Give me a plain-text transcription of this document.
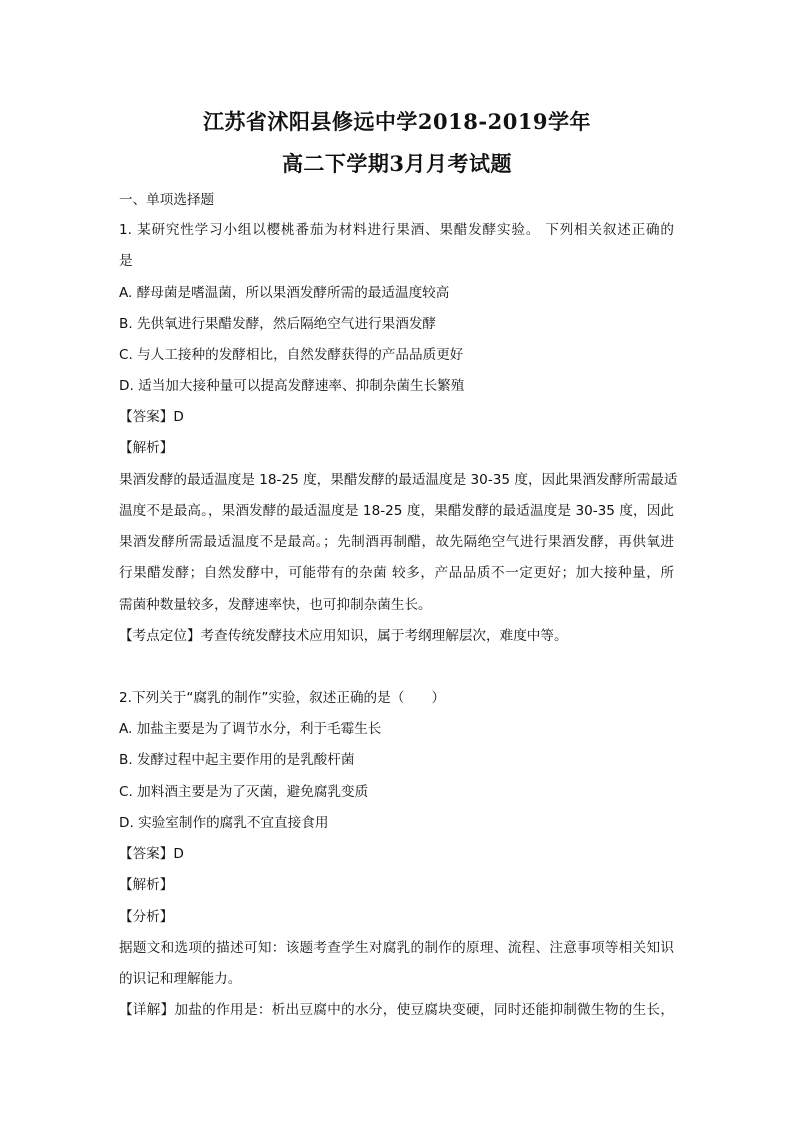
江苏省沭阳县修远中学2018-2019学年
高二下学期3月月考试题
一、单项选择题
1. 某研究性学习小组以樱桃番茄为材料进行果酒、果醋发酵实验。 下列相关叙述正确的
是
A. 酵母菌是嗜温菌，所以果酒发酵所需的最适温度较高
B. 先供氧进行果醋发酵，然后隔绝空气进行果酒发酵
C. 与人工接种的发酵相比，自然发酵获得的产品品质更好
D. 适当加大接种量可以提高发酵速率、抑制杂菌生长繁殖
【答案】D
【解析】
果酒发酵的最适温度是 18-25 度，果醋发酵的最适温度是 30-35 度，因此果酒发酵所需最适
温度不是最高。，果酒发酵的最适温度是 18-25 度，果醋发酵的最适温度是 30-35 度，因此
果酒发酵所需最适温度不是最高。；先制酒再制醋，故先隔绝空气进行果酒发酵，再供氧进
行果醋发酵；自然发酵中，可能带有的杂菌 较多，产品品质不一定更好；加大接种量，所
需菌种数量较多，发酵速率快，也可抑制杂菌生长。
【考点定位】考查传统发酵技术应用知识，属于考纲理解层次，难度中等。
2.下列关于“腐乳的制作”实验，叙述正确的是（　　）
A. 加盐主要是为了调节水分，利于毛霉生长
B. 发酵过程中起主要作用的是乳酸杆菌
C. 加料酒主要是为了灭菌，避免腐乳变质
D. 实验室制作的腐乳不宜直接食用
【答案】D
【解析】
【分析】
据题文和选项的描述可知：该题考查学生对腐乳的制作的原理、流程、注意事项等相关知识
的识记和理解能力。
【详解】加盐的作用是：析出豆腐中的水分，使豆腐块变硬，同时还能抑制微生物的生长，
